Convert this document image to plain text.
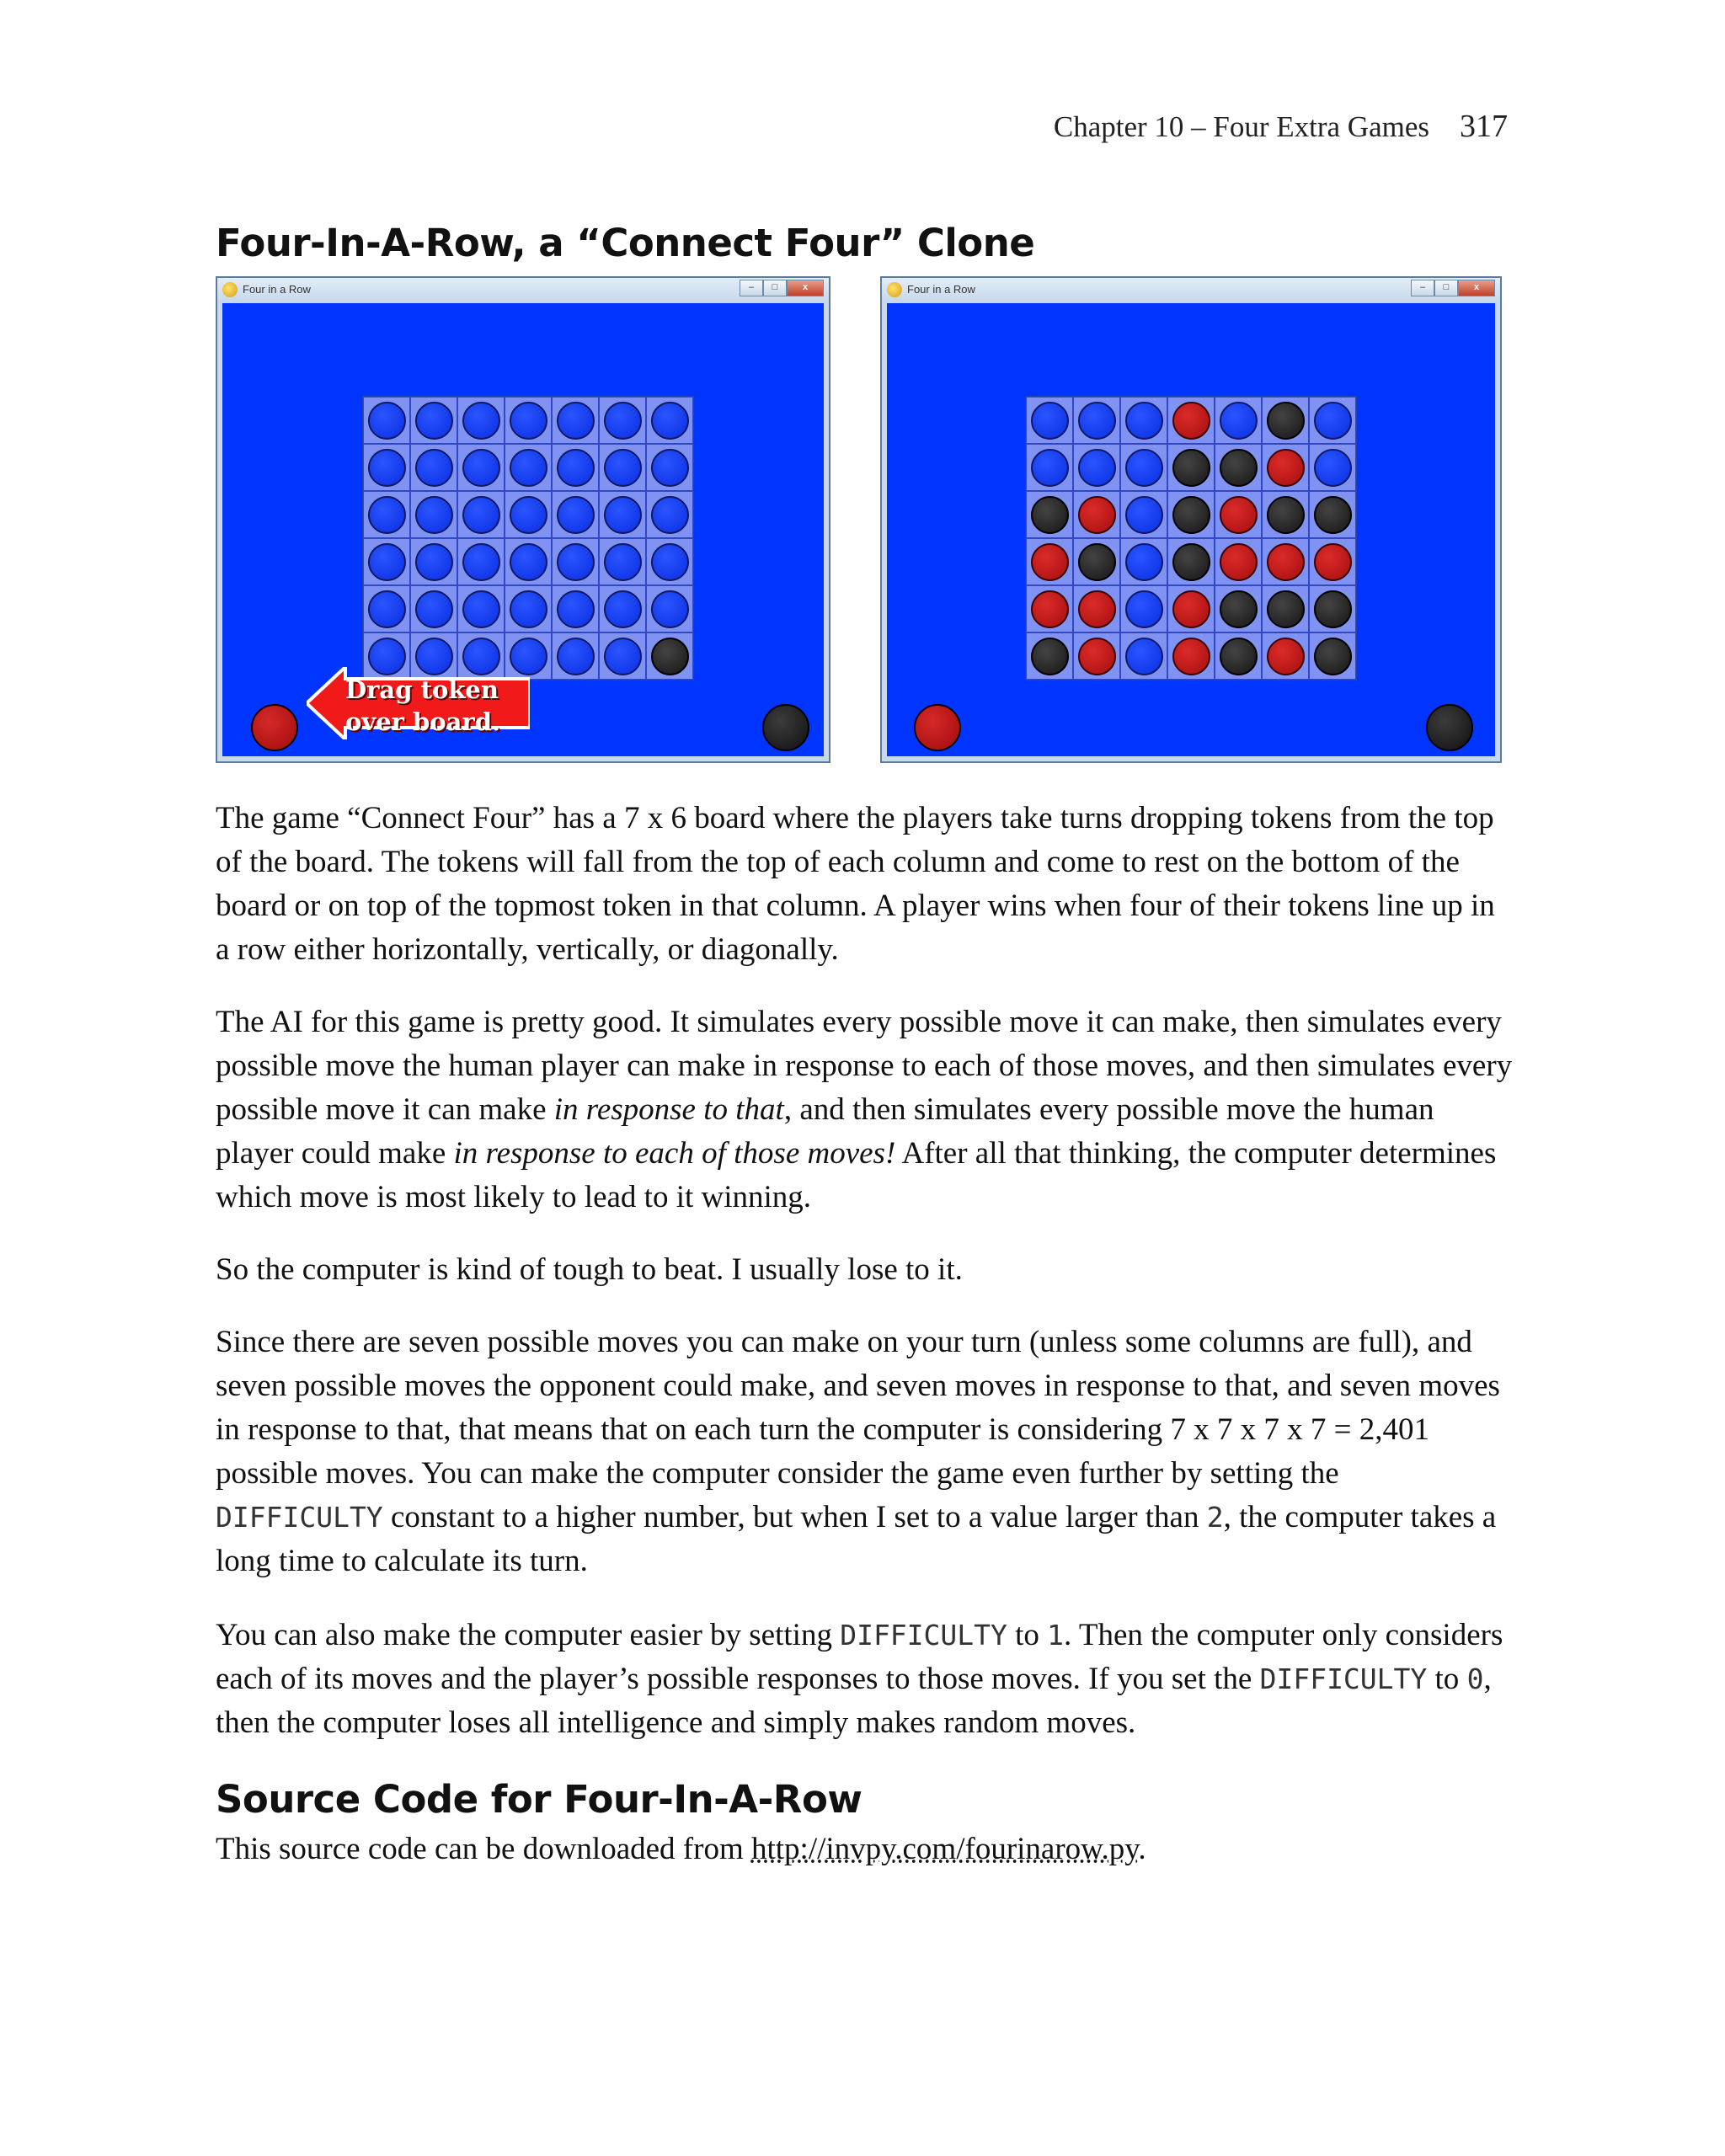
Chapter 10 – Four Extra Games 317
Four-In-A-Row, a “Connect Four” Clone
Four in a Row	–	□	x
Drag token
over board.
Four in a Row	–	□	x

The game “Connect Four” has a 7 x 6 board where the players take turns dropping tokens from the top of the board. The tokens will fall from the top of each column and come to rest on the bottom of the board or on top of the topmost token in that column. A player wins when four of their tokens line up in a row either horizontally, vertically, or diagonally.

The AI for this game is pretty good. It simulates every possible move it can make, then simulates every possible move the human player can make in response to each of those moves, and then simulates every possible move it can make in response to that, and then simulates every possible move the human player could make in response to each of those moves! After all that thinking, the computer determines which move is most likely to lead to it winning.

So the computer is kind of tough to beat. I usually lose to it.

Since there are seven possible moves you can make on your turn (unless some columns are full), and seven possible moves the opponent could make, and seven moves in response to that, and seven moves in response to that, that means that on each turn the computer is considering 7 x 7 x 7 x 7 = 2,401 possible moves. You can make the computer consider the game even further by setting the DIFFICULTY constant to a higher number, but when I set to a value larger than 2, the computer takes a long time to calculate its turn.

You can also make the computer easier by setting DIFFICULTY to 1. Then the computer only considers each of its moves and the player’s possible responses to those moves. If you set the DIFFICULTY to 0, then the computer loses all intelligence and simply makes random moves.

Source Code for Four-In-A-Row

This source code can be downloaded from http://invpy.com/fourinarow.py.
